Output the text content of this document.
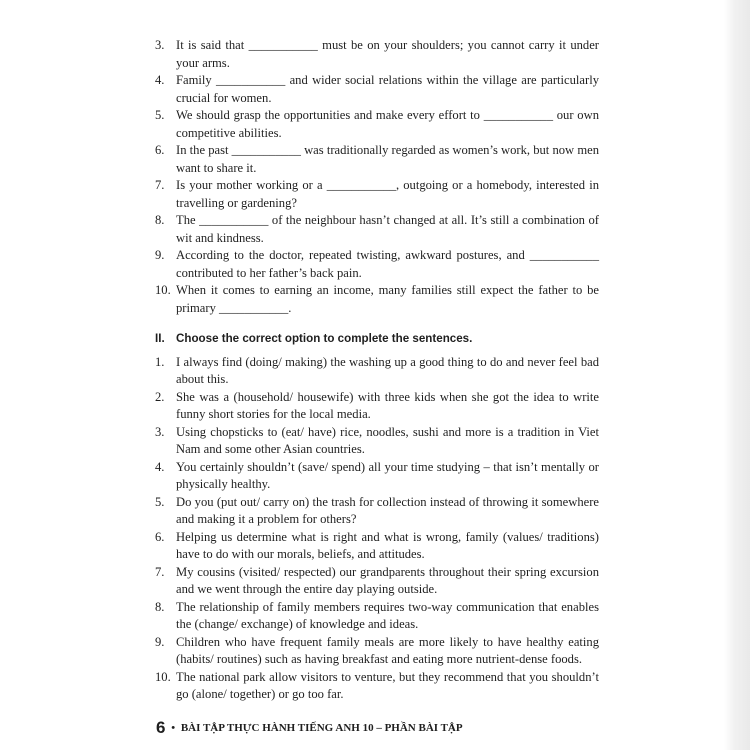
3. It is said that ___________ must be on your shoulders; you cannot carry it under your arms.
4. Family ___________ and wider social relations within the village are particularly crucial for women.
5. We should grasp the opportunities and make every effort to ___________ our own competitive abilities.
6. In the past ___________ was traditionally regarded as women’s work, but now men want to share it.
7. Is your mother working or a ___________, outgoing or a homebody, interested in travelling or gardening?
8. The ___________ of the neighbour hasn’t changed at all. It’s still a combination of wit and kindness.
9. According to the doctor, repeated twisting, awkward postures, and ___________ contributed to her father’s back pain.
10. When it comes to earning an income, many families still expect the father to be primary ___________.
II. Choose the correct option to complete the sentences.
1. I always find (doing/ making) the washing up a good thing to do and never feel bad about this.
2. She was a (household/ housewife) with three kids when she got the idea to write funny short stories for the local media.
3. Using chopsticks to (eat/ have) rice, noodles, sushi and more is a tradition in Viet Nam and some other Asian countries.
4. You certainly shouldn’t (save/ spend) all your time studying – that isn’t mentally or physically healthy.
5. Do you (put out/ carry on) the trash for collection instead of throwing it somewhere and making it a problem for others?
6. Helping us determine what is right and what is wrong, family (values/ traditions) have to do with our morals, beliefs, and attitudes.
7. My cousins (visited/ respected) our grandparents throughout their spring excursion and we went through the entire day playing outside.
8. The relationship of family members requires two-way communication that enables the (change/ exchange) of knowledge and ideas.
9. Children who have frequent family meals are more likely to have healthy eating (habits/ routines) such as having breakfast and eating more nutrient-dense foods.
10. The national park allow visitors to venture, but they recommend that you shouldn’t go (alone/ together) or go too far.
6 • BÀI TẬP THỰC HÀNH TIẾNG ANH 10 – PHẦN BÀI TẬP
